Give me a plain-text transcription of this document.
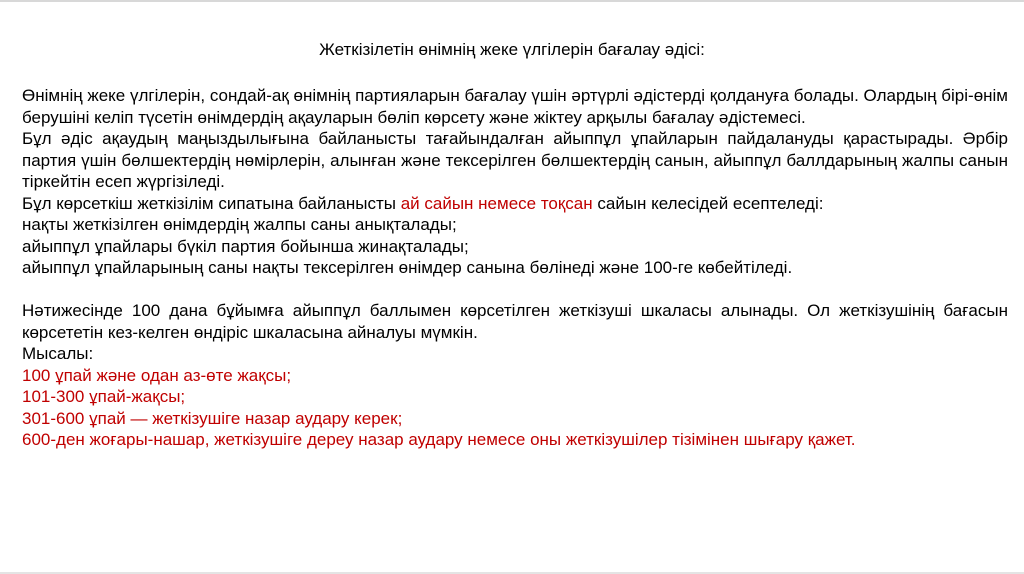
Жеткізілетін өнімнің жеке үлгілерін бағалау әдісі:

Өнімнің жеке үлгілерін, сондай-ақ өнімнің партияларын бағалау үшін әртүрлі әдістерді қолдануға болады. Олардың бірі-өнім берушіні келіп түсетін өнімдердің ақауларын бөліп көрсету және жіктеу арқылы бағалау әдістемесі.

Бұл әдіс ақаудың маңыздылығына байланысты тағайындалған айыппұл ұпайларын пайдалануды қарастырады. Әрбір партия үшін бөлшектердің нөмірлерін, алынған және тексерілген бөлшектердің санын, айыппұл баллдарының жалпы санын тіркейтін есеп жүргізіледі.

Бұл көрсеткіш жеткізілім сипатына байланысты ай сайын немесе тоқсан сайын келесідей есептеледі:

нақты жеткізілген өнімдердің жалпы саны анықталады;

айыппұл ұпайлары бүкіл партия бойынша жинақталады;

айыппұл ұпайларының саны нақты тексерілген өнімдер санына бөлінеді және 100-ге көбейтіледі.

Нәтижесінде 100 дана бұйымға айыппұл баллымен көрсетілген жеткізуші шкаласы алынады. Ол жеткізушінің бағасын көрсететін кез-келген өндіріс шкаласына айналуы мүмкін.

Мысалы:

100 ұпай және одан аз-өте жақсы;

101-300 ұпай-жақсы;

301-600 ұпай — жеткізушіге назар аудару керек;

600-ден жоғары-нашар, жеткізушіге дереу назар аудару немесе оны жеткізушілер тізімінен шығару қажет.
